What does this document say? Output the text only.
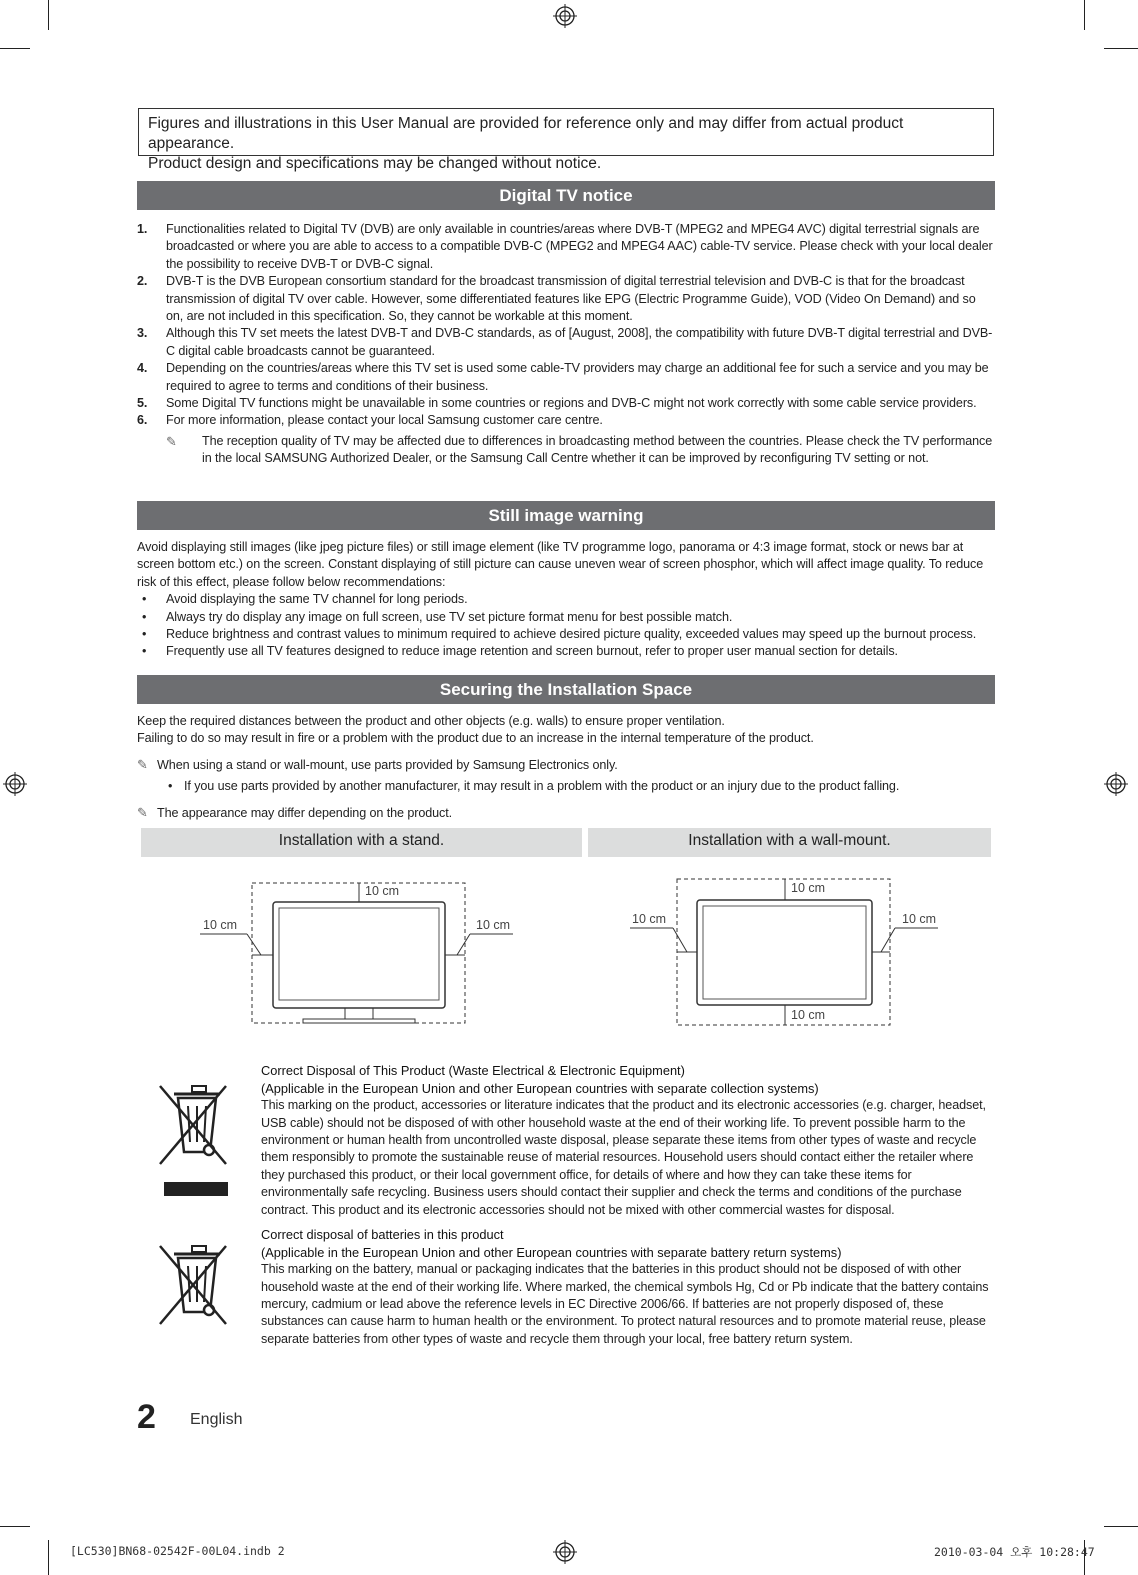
Figures and illustrations in this User Manual are provided for reference only and may differ from actual product appearance.
Product design and specifications may be changed without notice.
Digital TV notice
1. Functionalities related to Digital TV (DVB) are only available in countries/areas where DVB-T (MPEG2 and MPEG4 AVC) digital terrestrial signals are broadcasted or where you are able to access to a compatible DVB-C (MPEG2 and MPEG4 AAC) cable-TV service. Please check with your local dealer the possibility to receive DVB-T or DVB-C signal.
2. DVB-T is the DVB European consortium standard for the broadcast transmission of digital terrestrial television and DVB-C is that for the broadcast transmission of digital TV over cable. However, some differentiated features like EPG (Electric Programme Guide), VOD (Video On Demand) and so on, are not included in this specification. So, they cannot be workable at this moment.
3. Although this TV set meets the latest DVB-T and DVB-C standards, as of [August, 2008], the compatibility with future DVB-T digital terrestrial and DVB-C digital cable broadcasts cannot be guaranteed.
4. Depending on the countries/areas where this TV set is used some cable-TV providers may charge an additional fee for such a service and you may be required to agree to terms and conditions of their business.
5. Some Digital TV functions might be unavailable in some countries or regions and DVB-C might not work correctly with some cable service providers.
6. For more information, please contact your local Samsung customer care centre.
✎	The reception quality of TV may be affected due to differences in broadcasting method between the countries. Please check the TV performance in the local SAMSUNG Authorized Dealer, or the Samsung Call Centre whether it can be improved by reconfiguring TV setting or not.
Still image warning
Avoid displaying still images (like jpeg picture files) or still image element (like TV programme logo, panorama or 4:3 image format, stock or news bar at screen bottom etc.) on the screen. Constant displaying of still picture can cause uneven wear of screen phosphor, which will affect image quality. To reduce risk of this effect, please follow below recommendations:
• Avoid displaying the same TV channel for long periods.
• Always try do display any image on full screen, use TV set picture format menu for best possible match.
• Reduce brightness and contrast values to minimum required to achieve desired picture quality, exceeded values may speed up the burnout process.
• Frequently use all TV features designed to reduce image retention and screen burnout, refer to proper user manual section for details.
Securing the Installation Space
Keep the required distances between the product and other objects (e.g. walls) to ensure proper ventilation.
Failing to do so may result in fire or a problem with the product due to an increase in the internal temperature of the product.
✎ When using a stand or wall-mount, use parts provided by Samsung Electronics only.
• If you use parts provided by another manufacturer, it may result in a problem with the product or an injury due to the product falling.
✎ The appearance may differ depending on the product.
Installation with a stand.	Installation with a wall-mount.
10 cm
10 cm	10 cm
10 cm
10 cm	10 cm
10 cm
Correct Disposal of This Product (Waste Electrical & Electronic Equipment)
(Applicable in the European Union and other European countries with separate collection systems)
This marking on the product, accessories or literature indicates that the product and its electronic accessories (e.g. charger, headset, USB cable) should not be disposed of with other household waste at the end of their working life. To prevent possible harm to the environment or human health from uncontrolled waste disposal, please separate these items from other types of waste and recycle them responsibly to promote the sustainable reuse of material resources. Household users should contact either the retailer where they purchased this product, or their local government office, for details of where and how they can take these items for environmentally safe recycling. Business users should contact their supplier and check the terms and conditions of the purchase contract. This product and its electronic accessories should not be mixed with other commercial wastes for disposal.
Correct disposal of batteries in this product
(Applicable in the European Union and other European countries with separate battery return systems)
This marking on the battery, manual or packaging indicates that the batteries in this product should not be disposed of with other household waste at the end of their working life. Where marked, the chemical symbols Hg, Cd or Pb indicate that the battery contains mercury, cadmium or lead above the reference levels in EC Directive 2006/66. If batteries are not properly disposed of, these substances can cause harm to human health or the environment. To protect natural resources and to promote material reuse, please separate batteries from other types of waste and recycle them through your local, free battery return system.
2 English
[LC530]BN68-02542F-00L04.indb 2	2010-03-04 오후 10:28:47
